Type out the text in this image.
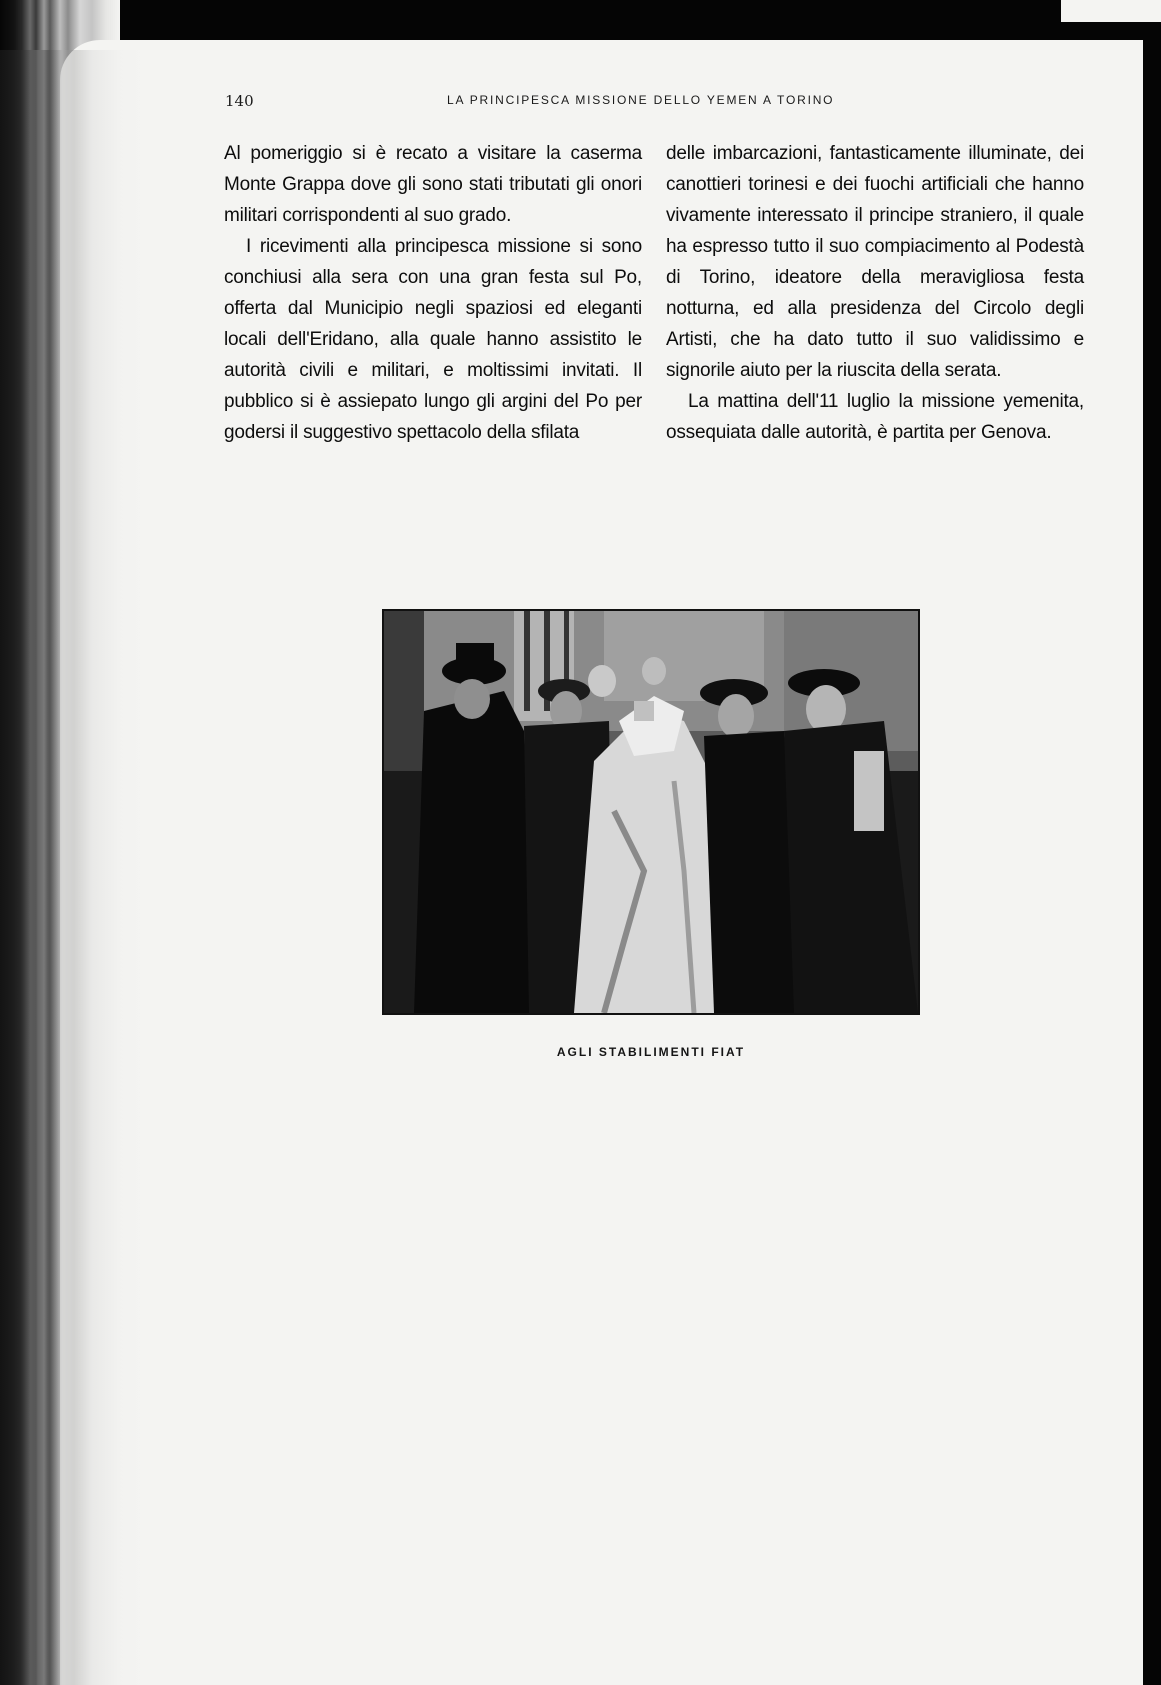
140	LA PRINCIPESCA MISSIONE DELLO YEMEN A TORINO

Al pomeriggio si è recato a visitare la caserma Monte Grappa dove gli sono stati tributati gli onori militari corrispondenti al suo grado.

I ricevimenti alla principesca missione si sono conchiusi alla sera con una gran festa sul Po, offerta dal Municipio negli spaziosi ed eleganti locali dell'Eridano, alla quale hanno assistito le autorità civili e militari, e moltissimi invitati. Il pubblico si è assiepato lungo gli argini del Po per godersi il suggestivo spettacolo della sfilata

delle imbarcazioni, fantasticamente illuminate, dei canottieri torinesi e dei fuochi artificiali che hanno vivamente interessato il principe straniero, il quale ha espresso tutto il suo compiacimento al Podestà di Torino, ideatore della meravigliosa festa notturna, ed alla presidenza del Circolo degli Artisti, che ha dato tutto il suo validissimo e signorile aiuto per la riuscita della serata.

La mattina dell'11 luglio la missione yemenita, ossequiata dalle autorità, è partita per Genova.

AGLI STABILIMENTI FIAT
